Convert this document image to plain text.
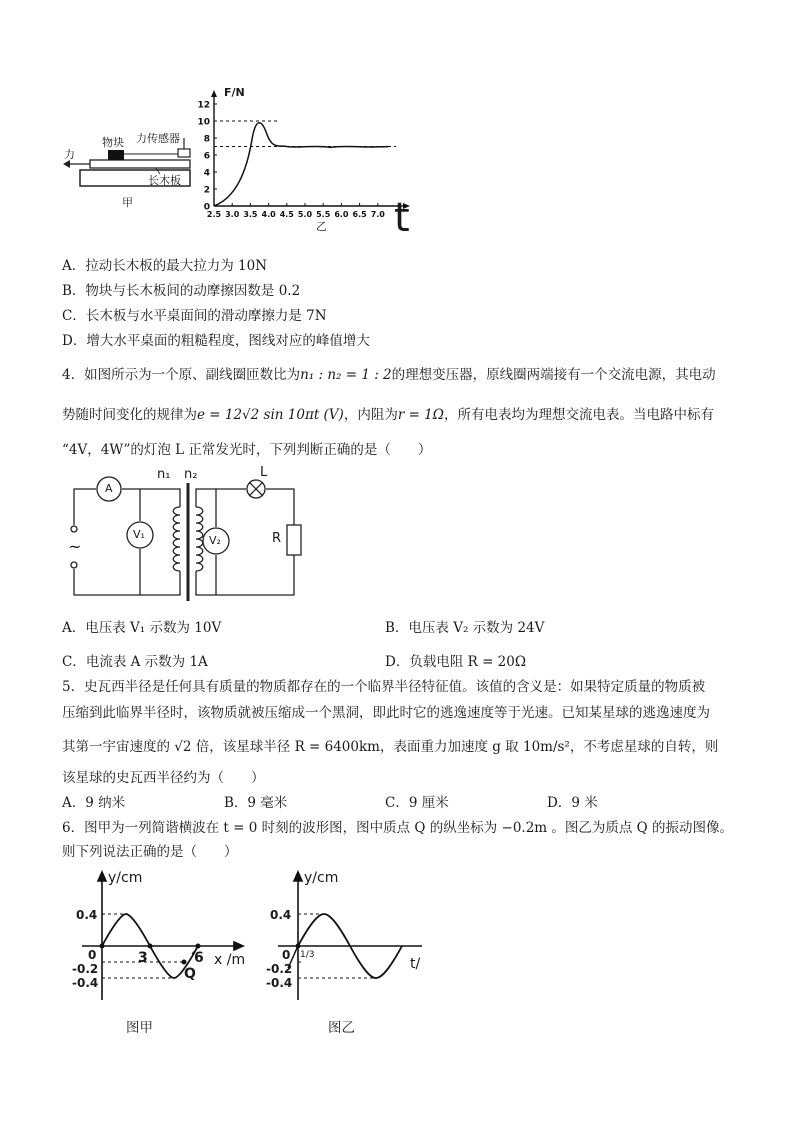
力
物块 力传感器
长木板
甲
12
10
8
6
4
2
0
2.5 3.0 3.5 4.0 4.5 5.0 5.5 6.0 6.5 7.0
F/N
乙 t
A．拉动长木板的最大拉力为 10N
B．物块与长木板间的动摩擦因数是 0.2
C．长木板与水平桌面间的滑动摩擦力是 7N
D．增大水平桌面的粗糙程度，图线对应的峰值增大
4．如图所示为一个原、副线圈匝数比为n₁ : n₂ = 1 : 2的理想变压器，原线圈两端接有一个交流电源，其电动
势随时间变化的规律为e = 12√2 sin 10πt (V)，内阻为r = 1Ω，所有电表均为理想交流电表。当电路中标有
“4V，4W”的灯泡 L 正常发光时，下列判断正确的是（　　）
A
V₁	V₂
L
R
n₁ n₂
~
A．电压表 V₁ 示数为 10V	B．电压表 V₂ 示数为 24V
C．电流表 A 示数为 1A	D．负载电阻 R = 20Ω
5．史瓦西半径是任何具有质量的物质都存在的一个临界半径特征值。该值的含义是：如果特定质量的物质被
压缩到此临界半径时，该物质就被压缩成一个黑洞，即此时它的逃逸速度等于光速。已知某星球的逃逸速度为
其第一宇宙速度的 √2 倍，该星球半径 R = 6400km，表面重力加速度 g 取 10m/s²，不考虑星球的自转，则
该星球的史瓦西半径约为（　　）
A．9 纳米	B．9 毫米	C．9 厘米	D．9 米
6．图甲为一列简谐横波在 t = 0 时刻的波形图，图中质点 Q 的纵坐标为 −0.2m 。图乙为质点 Q 的振动图像。
则下列说法正确的是（　　）
y/cm
x /m
0.4
0
-0.2
-0.4
3	6
Q
图甲
y/cm
t/
0.4
0
-0.2
-0.4
1/3
图乙
